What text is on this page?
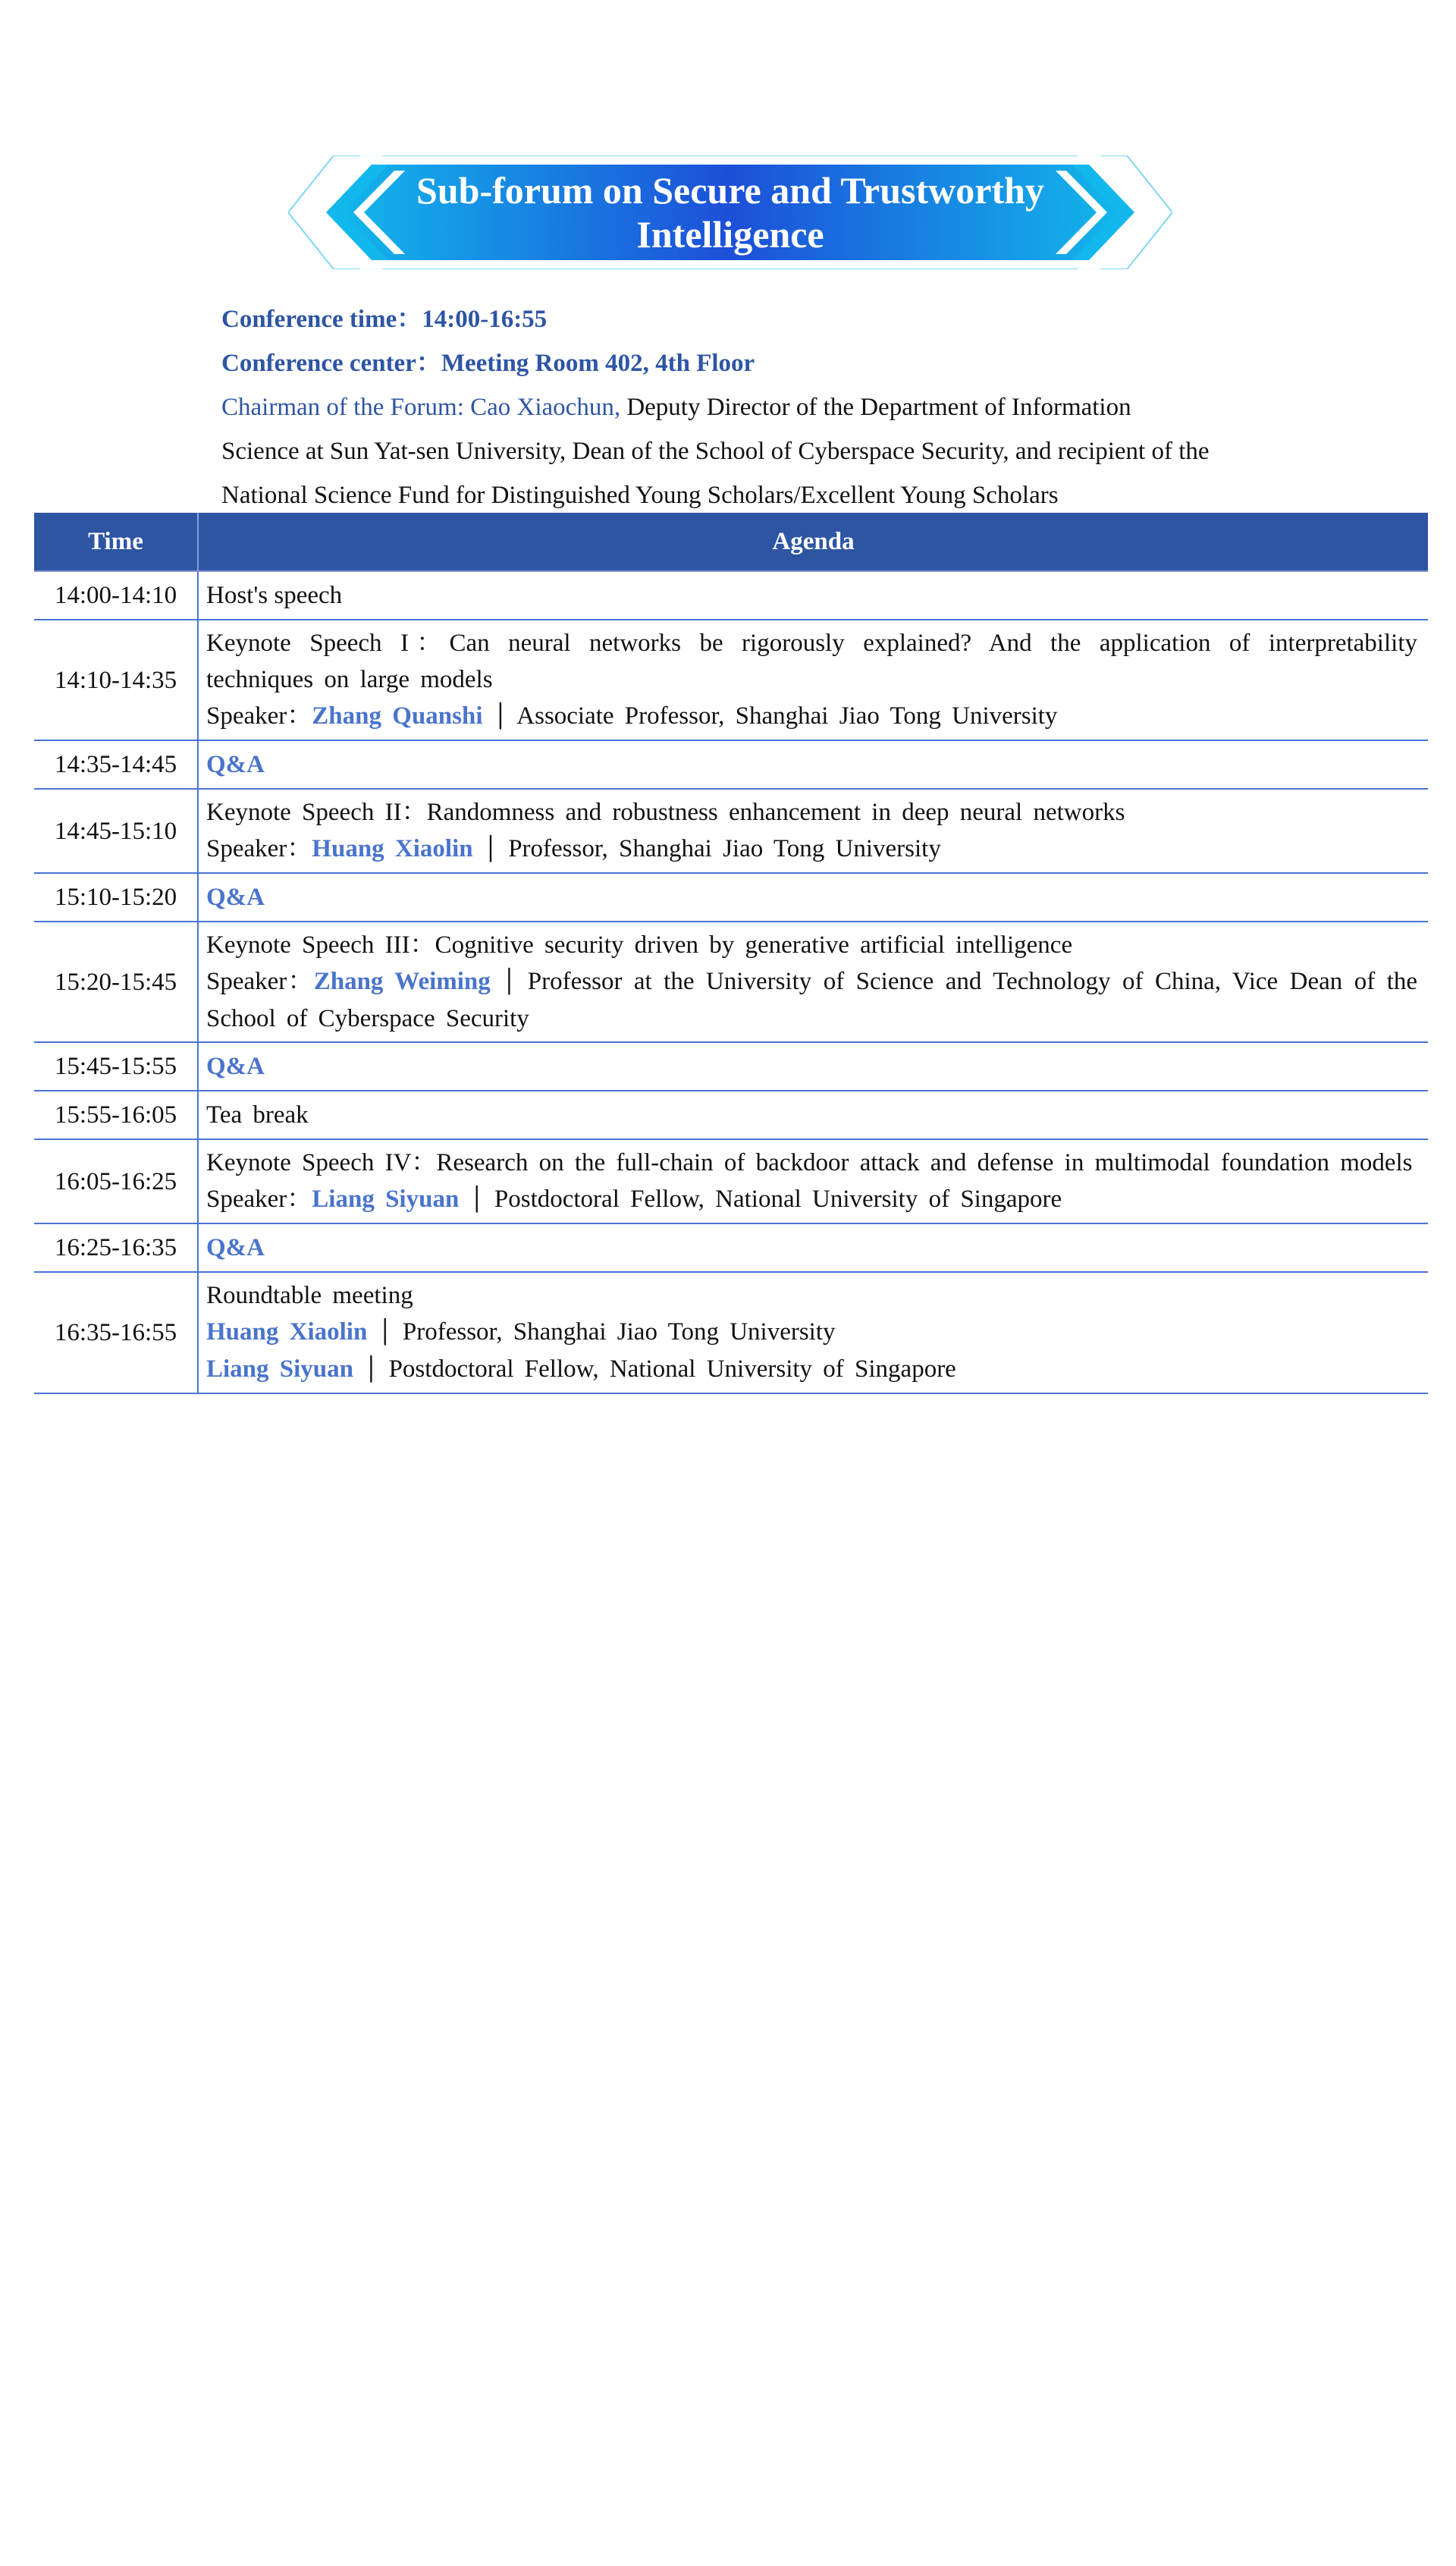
Sub-forum on Secure and Trustworthy
Intelligence
Conference time：14:00-16:55
Conference center：Meeting Room 402, 4th Floor
Chairman of the Forum: Cao Xiaochun, Deputy Director of the Department of Information
Science at Sun Yat-sen University, Dean of the School of Cyberspace Security, and recipient of the
National Science Fund for Distinguished Young Scholars/Excellent Young Scholars
Time	Agenda
14:00-14:10	Host's speech
14:10-14:35	Keynote Speech I：Can neural networks be rigorously explained? And the application of interpretability techniques on large models
Speaker：Zhang Quanshi │ Associate Professor, Shanghai Jiao Tong University

14:35-14:45	Q&A
14:45-15:10	Keynote Speech II：Randomness and robustness enhancement in deep neural networks
Speaker：Huang Xiaolin │ Professor, Shanghai Jiao Tong University

15:10-15:20	Q&A
15:20-15:45	Keynote Speech III：Cognitive security driven by generative artificial intelligence
Speaker：Zhang Weiming │ Professor at the University of Science and Technology of China, Vice Dean of the School of Cyberspace Security

15:45-15:55	Q&A
15:55-16:05	Tea break
16:05-16:25	Keynote Speech IV：Research on the full-chain of backdoor attack and defense in multimodal foundation models
Speaker：Liang Siyuan │ Postdoctoral Fellow, National University of Singapore

16:25-16:35	Q&A
16:35-16:55	Roundtable meeting
Huang Xiaolin │ Professor, Shanghai Jiao Tong University
Liang Siyuan │ Postdoctoral Fellow, National University of Singapore
